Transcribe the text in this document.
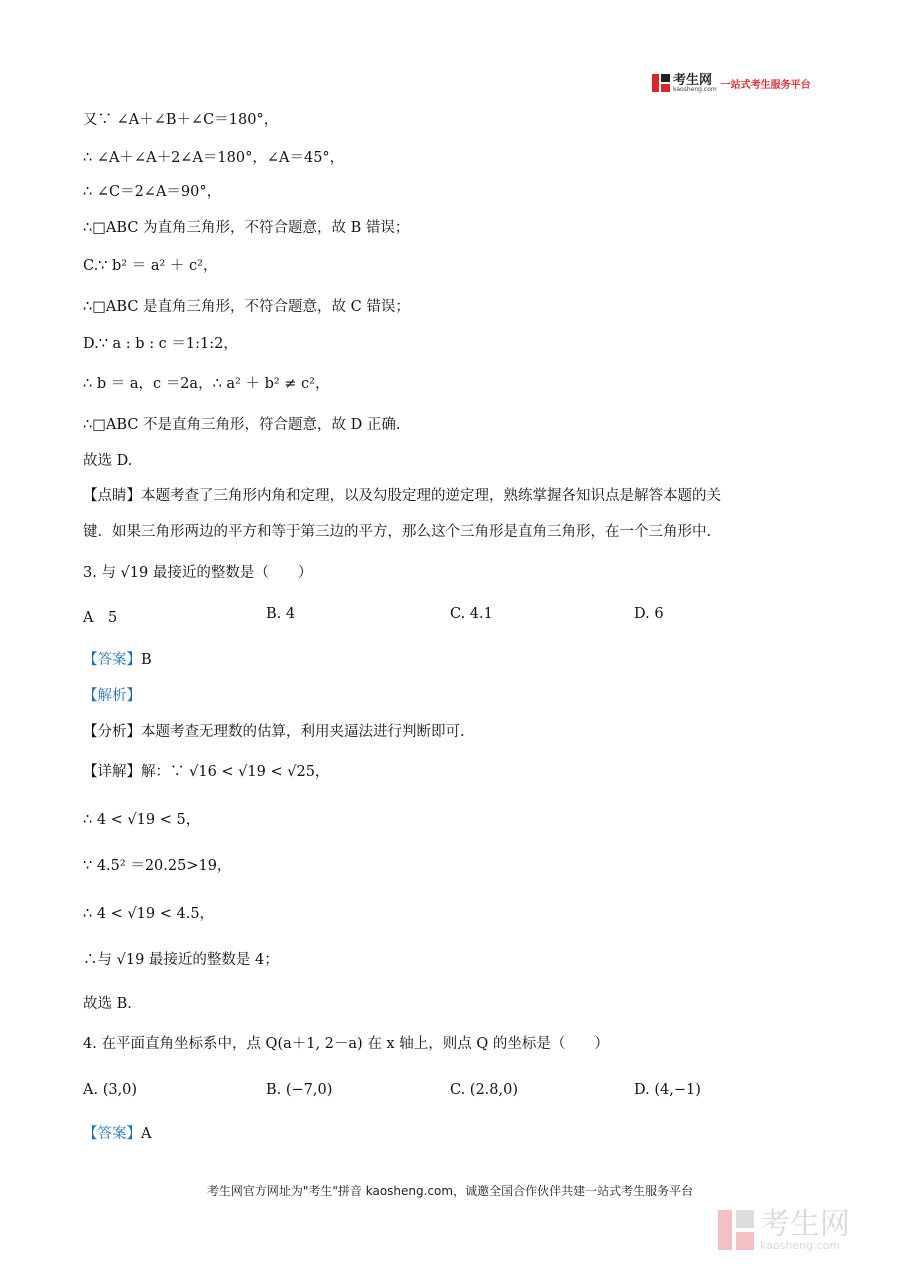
考生网
kaosheng.com 一站式考生服务平台
又∵ ∠A＋∠B＋∠C＝180°，
∴ ∠A＋∠A＋2∠A＝180°，∠A＝45°，
∴ ∠C＝2∠A＝90°，
∴□ABC 为直角三角形，不符合题意，故 B 错误；
C.∵ b² ＝ a² ＋ c²，
∴□ABC 是直角三角形，不符合题意，故 C 错误；
D.∵ a : b : c ＝1:1:2，
∴ b ＝ a，c ＝2a，∴ a² ＋ b² ≠ c²，
∴□ABC 不是直角三角形，符合题意，故 D 正确.
故选 D.
【点睛】本题考查了三角形内角和定理，以及勾股定理的逆定理，熟练掌握各知识点是解答本题的关
键．如果三角形两边的平方和等于第三边的平方，那么这个三角形是直角三角形，在一个三角形中.
3. 与 √19 最接近的整数是（　　）
A　5	B. 4	C. 4.1	D. 6
【答案】B
【解析】
【分析】本题考查无理数的估算，利用夹逼法进行判断即可.
【详解】解：∵ √16 < √19 < √25，
∴ 4 < √19 < 5，
∵ 4.5² ＝20.25>19，
∴ 4 < √19 < 4.5，
∴与 √19 最接近的整数是 4；
故选 B.
4. 在平面直角坐标系中，点 Q(a＋1, 2－a) 在 x 轴上，则点 Q 的坐标是（　　）
A. (3,0)	B. (−7,0)	C. (2.8,0)	D. (4,−1)
【答案】A
考生网官方网址为"考生"拼音 kaosheng.com，诚邀全国合作伙伴共建一站式考生服务平台
考生网
kaosheng.com
